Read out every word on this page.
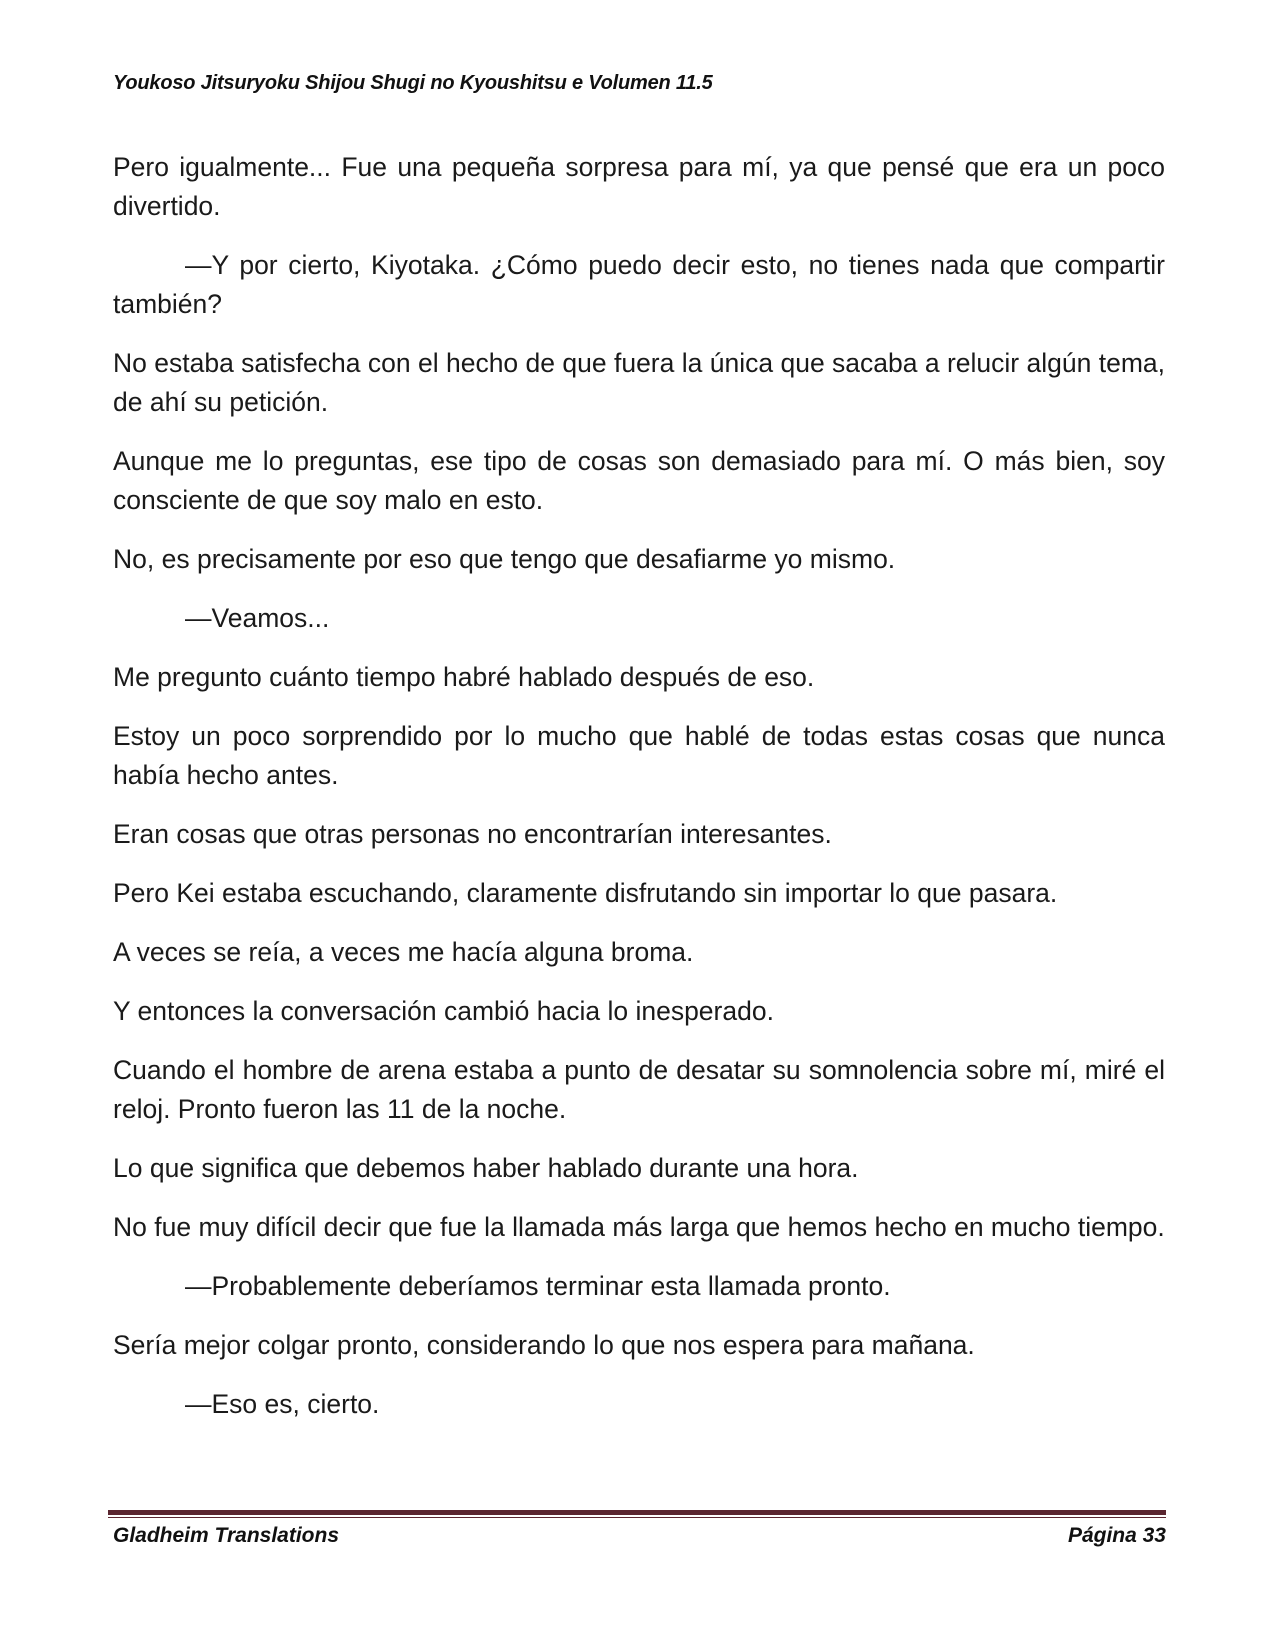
Youkoso Jitsuryoku Shijou Shugi no Kyoushitsu e Volumen 11.5

Pero igualmente... Fue una pequeña sorpresa para mí, ya que pensé que era un poco divertido.

—Y por cierto, Kiyotaka. ¿Cómo puedo decir esto, no tienes nada que compartir también?

No estaba satisfecha con el hecho de que fuera la única que sacaba a relucir algún tema, de ahí su petición.

Aunque me lo preguntas, ese tipo de cosas son demasiado para mí. O más bien, soy consciente de que soy malo en esto.

No, es precisamente por eso que tengo que desafiarme yo mismo.

—Veamos...

Me pregunto cuánto tiempo habré hablado después de eso.

Estoy un poco sorprendido por lo mucho que hablé de todas estas cosas que nunca había hecho antes.

Eran cosas que otras personas no encontrarían interesantes.

Pero Kei estaba escuchando, claramente disfrutando sin importar lo que pasara.

A veces se reía, a veces me hacía alguna broma.

Y entonces la conversación cambió hacia lo inesperado.

Cuando el hombre de arena estaba a punto de desatar su somnolencia sobre mí, miré el reloj. Pronto fueron las 11 de la noche.

Lo que significa que debemos haber hablado durante una hora.

No fue muy difícil decir que fue la llamada más larga que hemos hecho en mucho tiempo.

—Probablemente deberíamos terminar esta llamada pronto.

Sería mejor colgar pronto, considerando lo que nos espera para mañana.

—Eso es, cierto.

Gladheim Translations	Página 33
